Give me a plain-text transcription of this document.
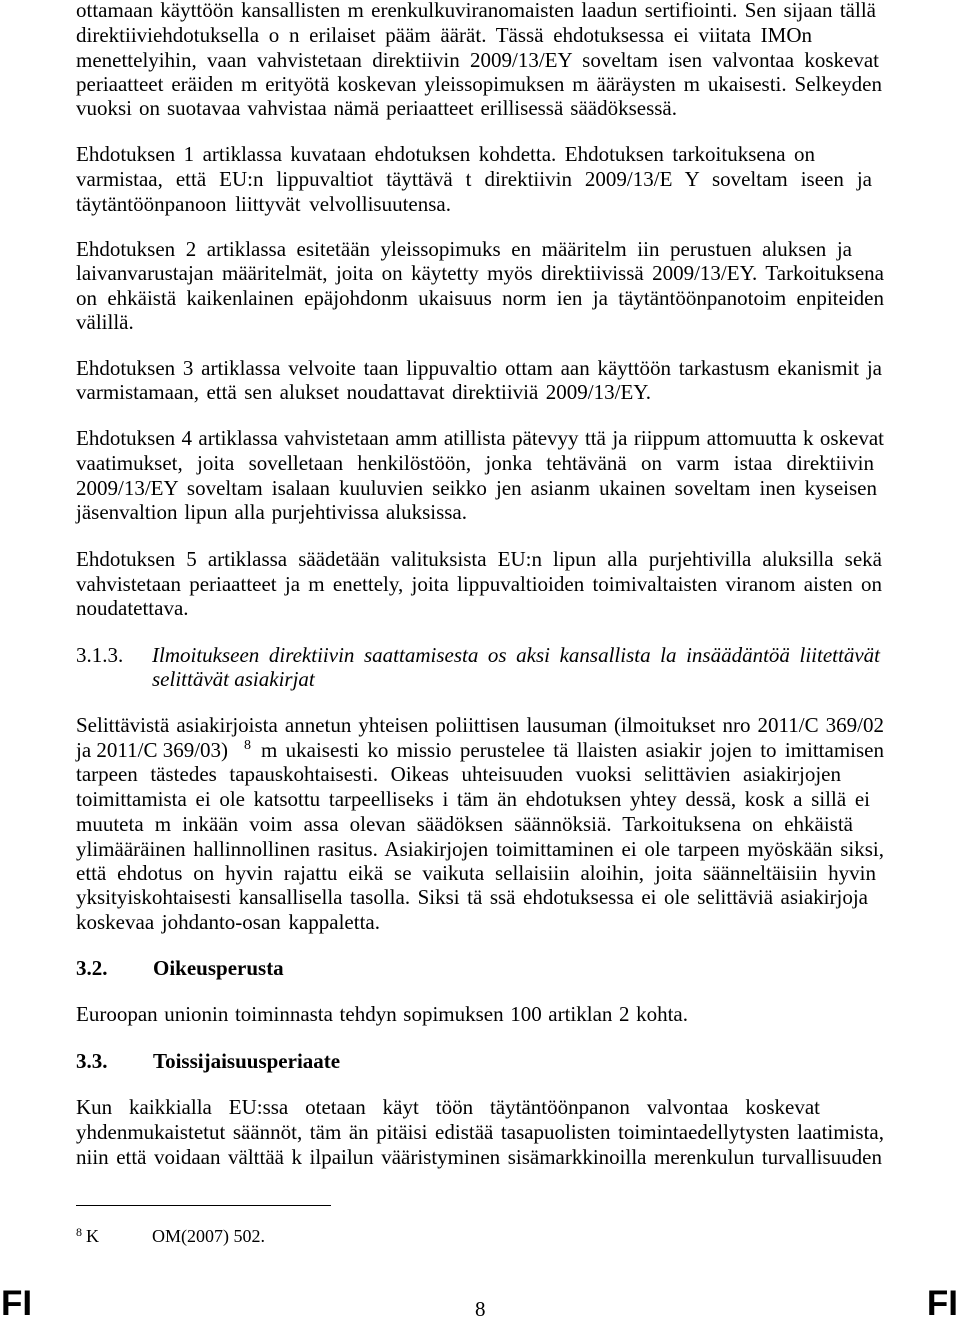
ottamaan käyttöön kansallisten m erenkulkuviranomaisten laadun sertifiointi. Sen sijaan tällä
direktiiviehdotuksella o n erilaiset pääm äärät. Tässä ehdotuksessa ei viitata IMOn
menettelyihin, vaan vahvistetaan direktiivin 2009/13/EY soveltam isen valvontaa koskevat
periaatteet eräiden m erityötä koskevan yleissopimuksen m ääräysten m ukaisesti. Selkeyden
vuoksi on suotavaa vahvistaa nämä periaatteet erillisessä säädöksessä.
Ehdotuksen 1 artiklassa kuvataan ehdotuksen kohdetta. Ehdotuksen tarkoituksena on
varmistaa, että EU:n lippuvaltiot täyttävä t direktiivin 2009/13/E Y soveltam iseen ja
täytäntöönpanoon liittyvät velvollisuutensa.
Ehdotuksen 2 artiklassa esitetään yleissopimuks en määritelm iin perustuen aluksen ja
laivanvarustajan määritelmät, joita on käytetty myös direktiivissä 2009/13/EY. Tarkoituksena
on ehkäistä kaikenlainen epäjohdonm ukaisuus norm ien ja täytäntöönpanotoim enpiteiden
välillä.
Ehdotuksen 3 artiklassa velvoite taan lippuvaltio ottam aan käyttöön tarkastusm ekanismit ja
varmistamaan, että sen alukset noudattavat direktiiviä 2009/13/EY.
Ehdotuksen 4 artiklassa vahvistetaan amm atillista pätevyy ttä ja riippum attomuutta k oskevat
vaatimukset, joita sovelletaan henkilöstöön, jonka tehtävänä on varm istaa direktiivin
2009/13/EY soveltam isalaan kuuluvien seikko jen asianm ukainen soveltam inen kyseisen
jäsenvaltion lipun alla purjehtivissa aluksissa.
Ehdotuksen 5 artiklassa säädetään valituksista EU:n lipun alla purjehtivilla aluksilla sekä
vahvistetaan periaatteet ja m enettely, joita lippuvaltioiden toimivaltaisten viranom aisten on
noudatettava.
3.1.3. Ilmoitukseen direktiivin saattamisesta os aksi kansallista la insäädäntöä liitettävät
selittävät asiakirjat
Selittävistä asiakirjoista annetun yhteisen poliittisen lausuman (ilmoitukset nro 2011/C 369/02
ja 2011/C 369/03) 8 m ukaisesti ko missio perustelee tä llaisten asiakir jojen to imittamisen
tarpeen tästedes tapauskohtaisesti. Oikeas uhteisuuden vuoksi selittävien asiakirjojen
toimittamista ei ole katsottu tarpeelliseks i täm än ehdotuksen yhtey dessä, kosk a sillä ei
muuteta m inkään voim assa olevan säädöksen säännöksiä. Tarkoituksena on ehkäistä
ylimääräinen hallinnollinen rasitus. Asiakirjojen toimittaminen ei ole tarpeen myöskään siksi,
että ehdotus on hyvin rajattu eikä se vaikuta sellaisiin aloihin, joita säänneltäisiin hyvin
yksityiskohtaisesti kansallisella tasolla. Siksi tä ssä ehdotuksessa ei ole selittäviä asiakirjoja
koskevaa johdanto-osan kappaletta.
3.2. Oikeusperusta
Euroopan unionin toiminnasta tehdyn sopimuksen 100 artiklan 2 kohta.
3.3. Toissijaisuusperiaate
Kun kaikkialla EU:ssa otetaan käyt töön täytäntöönpanon valvontaa koskevat
yhdenmukaistetut säännöt, täm än pitäisi edistää tasapuolisten toimintaedellytysten laatimista,
niin että voidaan välttää k ilpailun vääristyminen sisämarkkinoilla merenkulun turvallisuuden
8 K	OM(2007) 502.
FI	8	FI
